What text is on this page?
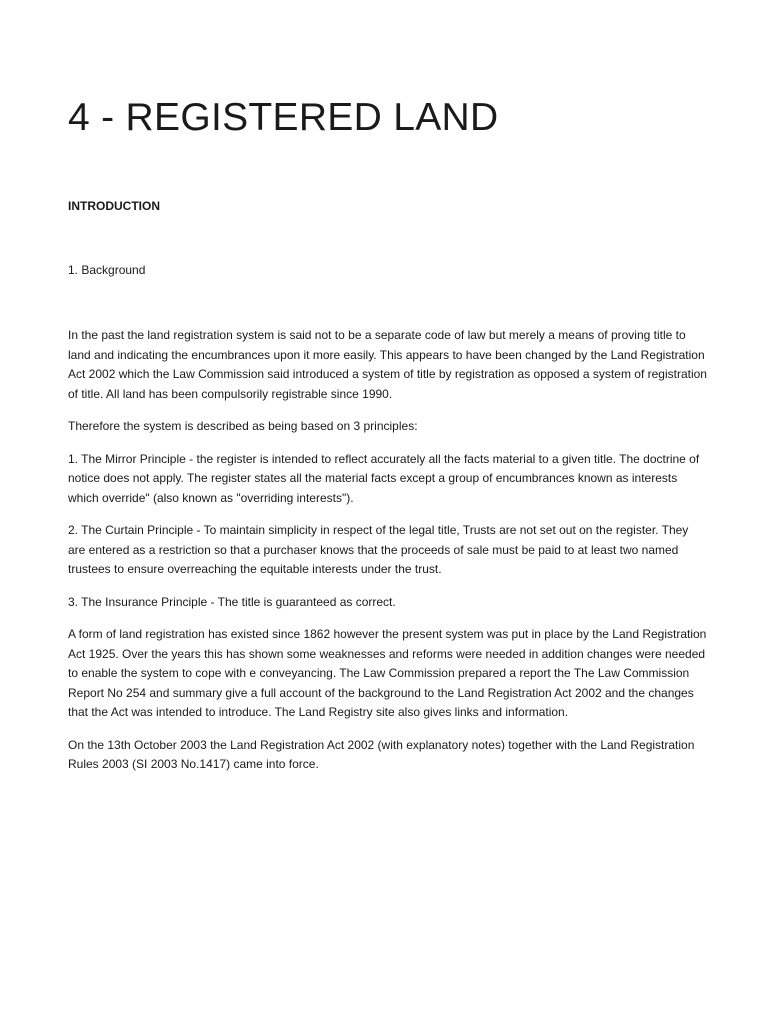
4 - REGISTERED LAND
INTRODUCTION
1. Background

In the past the land registration system is said not to be a separate code of law but merely a means of proving title to land and indicating the encumbrances upon it more easily. This appears to have been changed by the Land Registration Act 2002 which the Law Commission said introduced a system of title by registration as opposed a system of registration of title. All land has been compulsorily registrable since 1990.

Therefore the system is described as being based on 3 principles:

1. The Mirror Principle - the register is intended to reflect accurately all the facts material to a given title. The doctrine of notice does not apply. The register states all the material facts except a group of encumbrances known as interests which override" (also known as "overriding interests").

2. The Curtain Principle - To maintain simplicity in respect of the legal title, Trusts are not set out on the register. They are entered as a restriction so that a purchaser knows that the proceeds of sale must be paid to at least two named trustees to ensure overreaching the equitable interests under the trust.

3. The Insurance Principle - The title is guaranteed as correct.

A form of land registration has existed since 1862 however the present system was put in place by the Land Registration Act 1925. Over the years this has shown some weaknesses and reforms were needed in addition changes were needed to enable the system to cope with e conveyancing. The Law Commission prepared a report the The Law Commission Report No 254 and summary give a full account of the background to the Land Registration Act 2002 and the changes that the Act was intended to introduce. The Land Registry site also gives links and information.

On the 13th October 2003 the Land Registration Act 2002 (with explanatory notes) together with the Land Registration Rules 2003 (SI 2003 No.1417) came into force.
